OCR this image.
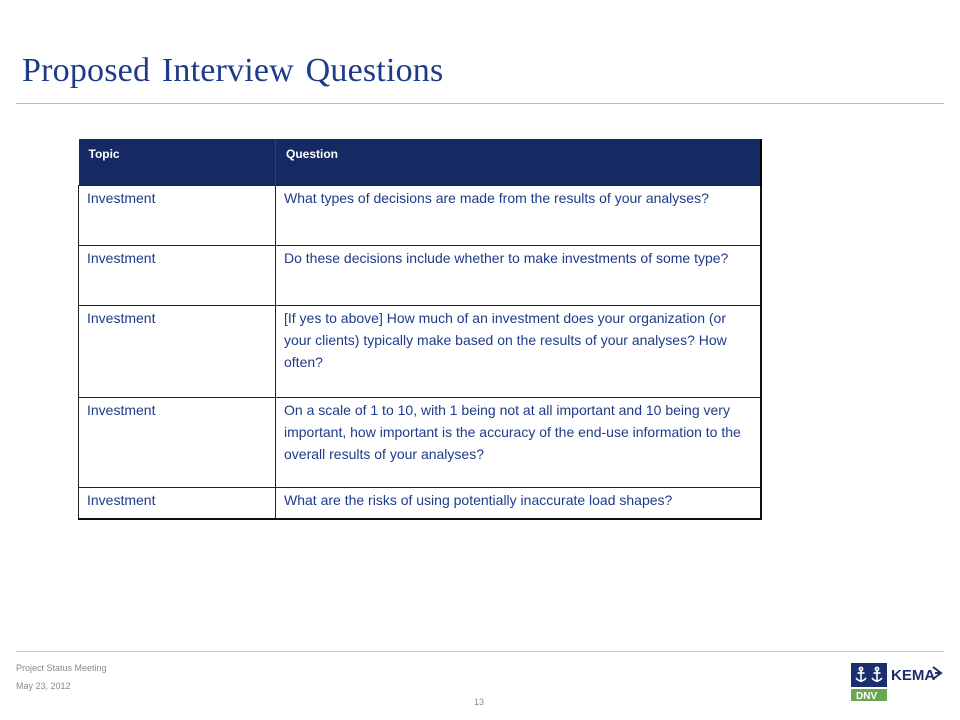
Proposed Interview Questions
Topic	Question
Investment	What types of decisions are made from the results of your analyses?
Investment	Do these decisions include whether to make investments of some type?
Investment	[If yes to above] How much of an investment does your organization (or your clients) typically make based on the results of your analyses? How often?
Investment	On a scale of 1 to 10, with 1 being not at all important and 10 being very important, how important is the accuracy of the end-use information to the overall results of your analyses?
Investment	What are the risks of using potentially inaccurate load shapes?
Project Status Meeting
May 23, 2012
13
KEMA
DNV
